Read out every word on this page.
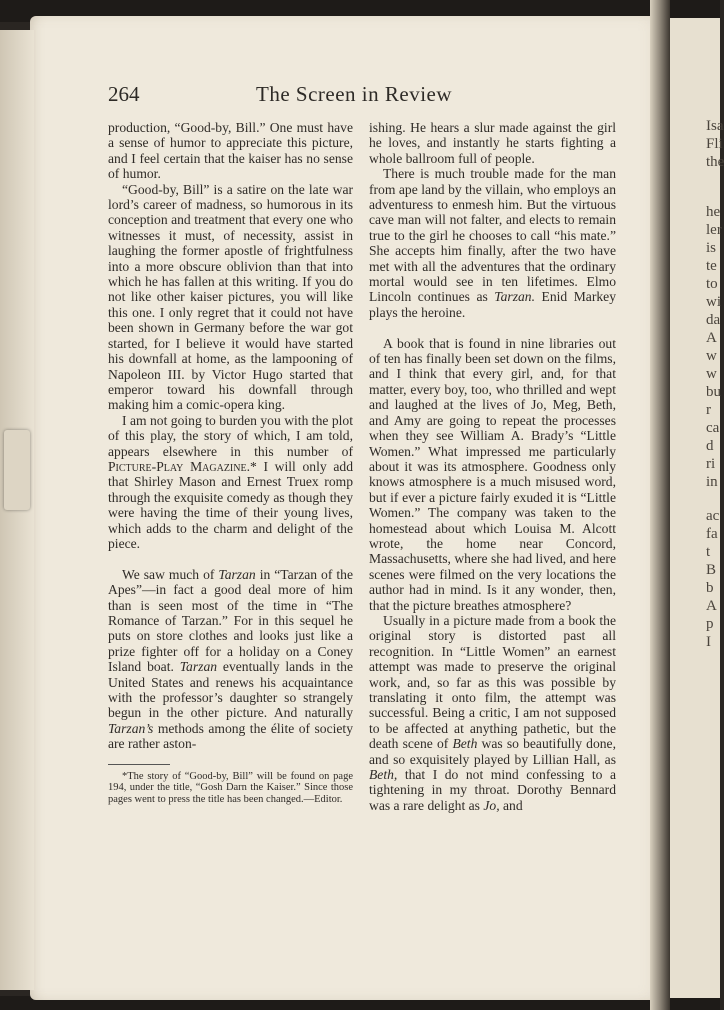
Isa
Fli
the
he
ler
is
te
to
wi
da
A
w
w
bu
r
ca
d
ri
in
ac
fa
t
B
b
A
p
I
264	The Screen in Review

production, “Good-by, Bill.” One must have a sense of humor to appreciate this picture, and I feel certain that the kaiser has no sense of humor.

“Good-by, Bill” is a satire on the late war lord’s career of madness, so humorous in its conception and treatment that every one who witnesses it must, of necessity, assist in laughing the former apostle of frightfulness into a more obscure oblivion than that into which he has fallen at this writing. If you do not like other kaiser pictures, you will like this one. I only regret that it could not have been shown in Germany before the war got started, for I believe it would have started his downfall at home, as the lampooning of Napoleon III. by Victor Hugo started that emperor toward his downfall through making him a comic-opera king.

I am not going to burden you with the plot of this play, the story of which, I am told, appears elsewhere in this number of Picture-Play Magazine.* I will only add that Shirley Mason and Ernest Truex romp through the exquisite comedy as though they were having the time of their young lives, which adds to the charm and delight of the piece.

We saw much of Tarzan in “Tarzan of the Apes”—in fact a good deal more of him than is seen most of the time in “The Romance of Tarzan.” For in this sequel he puts on store clothes and looks just like a prize fighter off for a holiday on a Coney Island boat. Tarzan eventually lands in the United States and renews his acquaintance with the professor’s daughter so strangely begun in the other picture. And naturally Tarzan’s methods among the élite of society are rather aston-

*The story of “Good-by, Bill” will be found on page 194, under the title, “Gosh Darn the Kaiser.” Since those pages went to press the title has been changed.—Editor.

ishing. He hears a slur made against the girl he loves, and instantly he starts fighting a whole ballroom full of people.

There is much trouble made for the man from ape land by the villain, who employs an adventuress to enmesh him. But the virtuous cave man will not falter, and elects to remain true to the girl he chooses to call “his mate.” She accepts him finally, after the two have met with all the adventures that the ordinary mortal would see in ten lifetimes. Elmo Lincoln continues as Tarzan. Enid Markey plays the heroine.

A book that is found in nine libraries out of ten has finally been set down on the films, and I think that every girl, and, for that matter, every boy, too, who thrilled and wept and laughed at the lives of Jo, Meg, Beth, and Amy are going to repeat the processes when they see William A. Brady’s “Little Women.” What impressed me particularly about it was its atmosphere. Goodness only knows atmosphere is a much misused word, but if ever a picture fairly exuded it is “Little Women.” The company was taken to the homestead about which Louisa M. Alcott wrote, the home near Concord, Massachusetts, where she had lived, and here scenes were filmed on the very locations the author had in mind. Is it any wonder, then, that the picture breathes atmosphere?

Usually in a picture made from a book the original story is distorted past all recognition. In “Little Women” an earnest attempt was made to preserve the original work, and, so far as this was possible by translating it onto film, the attempt was successful. Being a critic, I am not supposed to be affected at anything pathetic, but the death scene of Beth was so beautifully done, and so exquisitely played by Lillian Hall, as Beth, that I do not mind confessing to a tightening in my throat. Dorothy Bennard was a rare delight as Jo, and
